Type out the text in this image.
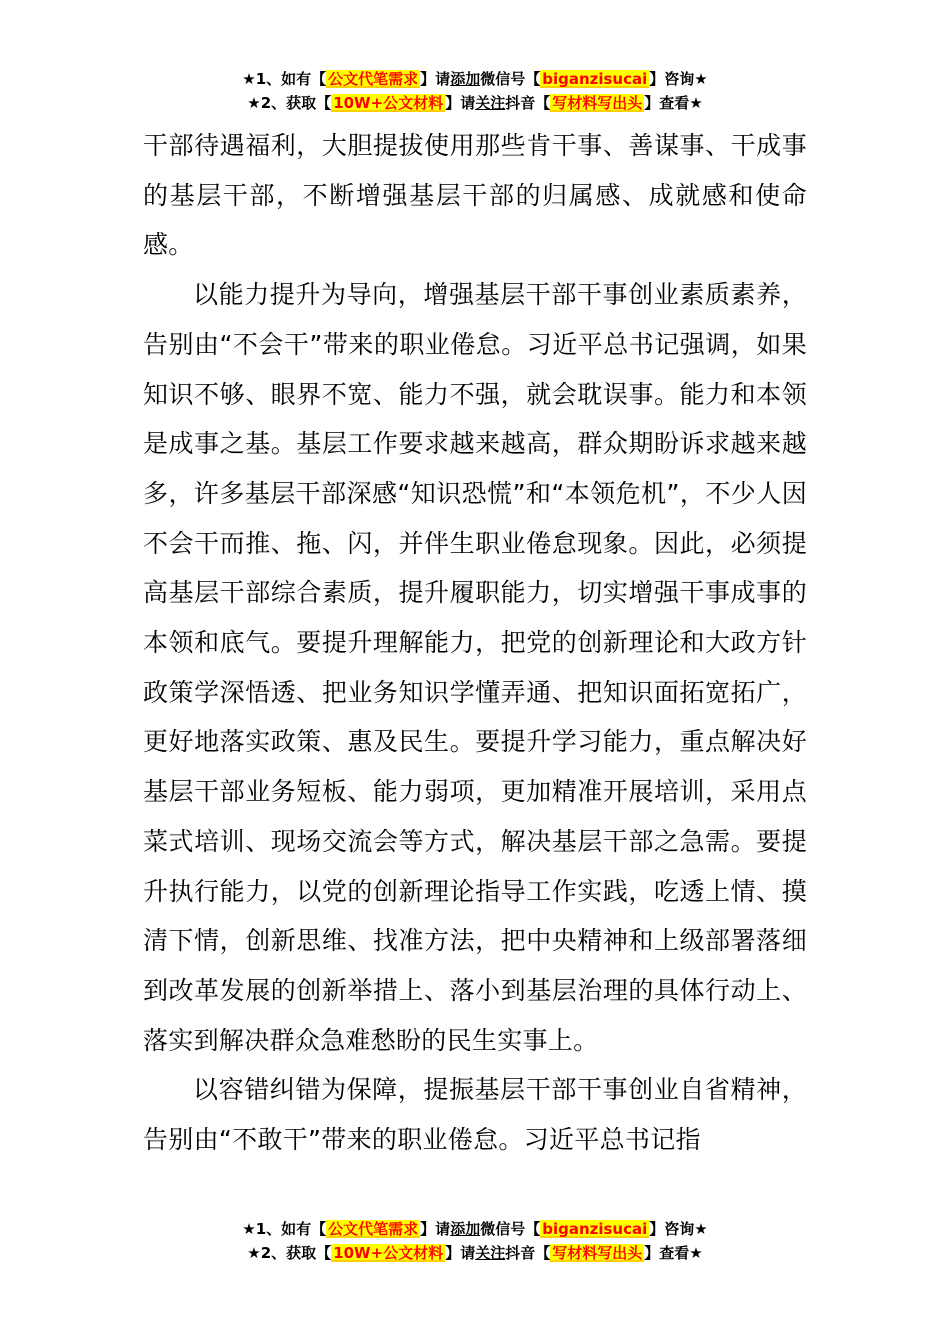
★1、如有【 公文代笔需求 】请添加微信号【 biganzisucai 】咨询★
★2、获取【 10W+公文材料 】请关注抖音【 写材料写出头 】查看★

干部待遇福利，大胆提拔使用那些肯干事、善谋事、干成事的基层干部，不断增强基层干部的归属感、成就感和使命感。

以能力提升为导向，增强基层干部干事创业素质素养，告别由“不会干”带来的职业倦怠。习近平总书记强调，如果知识不够、眼界不宽、能力不强，就会耽误事。能力和本领是成事之基。基层工作要求越来越高，群众期盼诉求越来越多，许多基层干部深感“知识恐慌”和“本领危机”，不少人因不会干而推、拖、闪，并伴生职业倦怠现象。因此，必须提高基层干部综合素质，提升履职能力，切实增强干事成事的本领和底气。要提升理解能力，把党的创新理论和大政方针政策学深悟透、把业务知识学懂弄通、把知识面拓宽拓广，更好地落实政策、惠及民生。要提升学习能力，重点解决好基层干部业务短板、能力弱项，更加精准开展培训，采用点菜式培训、现场交流会等方式，解决基层干部之急需。要提升执行能力，以党的创新理论指导工作实践，吃透上情、摸清下情，创新思维、找准方法，把中央精神和上级部署落细到改革发展的创新举措上、落小到基层治理的具体行动上、落实到解决群众急难愁盼的民生实事上。

以容错纠错为保障，提振基层干部干事创业自省精神，告别由“不敢干”带来的职业倦怠。习近平总书记指

★1、如有【 公文代笔需求 】请添加微信号【 biganzisucai 】咨询★
★2、获取【 10W+公文材料 】请关注抖音【 写材料写出头 】查看★
